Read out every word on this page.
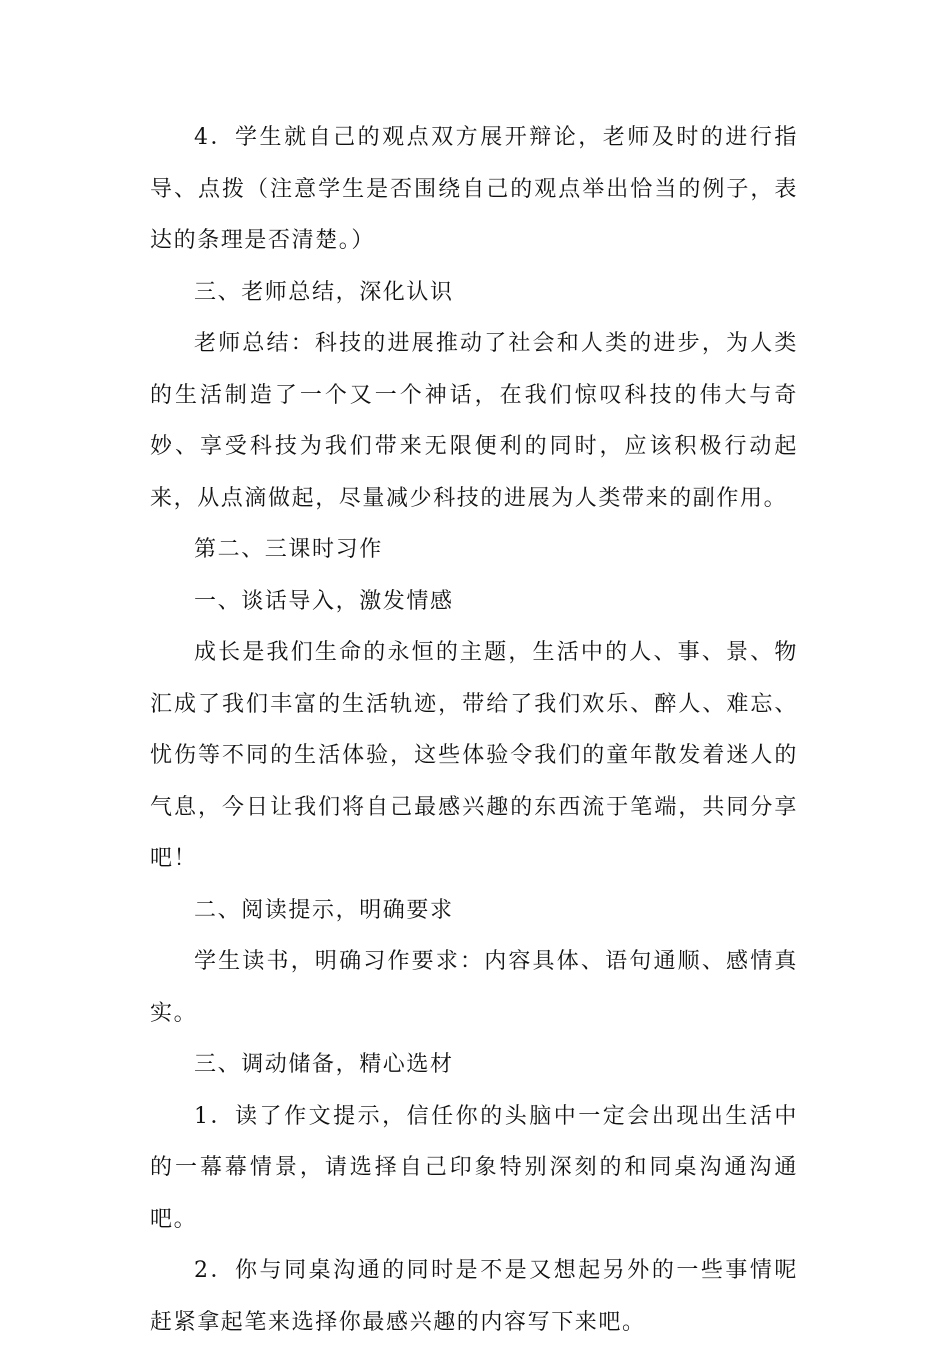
4．学生就自己的观点双方展开辩论，老师及时的进行指导、点拨（注意学生是否围绕自己的观点举出恰当的例子，表达的条理是否清楚。）

三、老师总结，深化认识

老师总结：科技的进展推动了社会和人类的进步，为人类的生活制造了一个又一个神话，在我们惊叹科技的伟大与奇妙、享受科技为我们带来无限便利的同时，应该积极行动起来，从点滴做起，尽量减少科技的进展为人类带来的副作用。

第二、三课时习作

一、谈话导入，激发情感

成长是我们生命的永恒的主题，生活中的人、事、景、物汇成了我们丰富的生活轨迹，带给了我们欢乐、醉人、难忘、忧伤等不同的生活体验，这些体验令我们的童年散发着迷人的气息，今日让我们将自己最感兴趣的东西流于笔端，共同分享吧！

二、阅读提示，明确要求

学生读书，明确习作要求：内容具体、语句通顺、感情真实。

三、调动储备，精心选材

1．读了作文提示，信任你的头脑中一定会出现出生活中的一幕幕情景，请选择自己印象特别深刻的和同桌沟通沟通吧。

2．你与同桌沟通的同时是不是又想起另外的一些事情呢赶紧拿起笔来选择你最感兴趣的内容写下来吧。
